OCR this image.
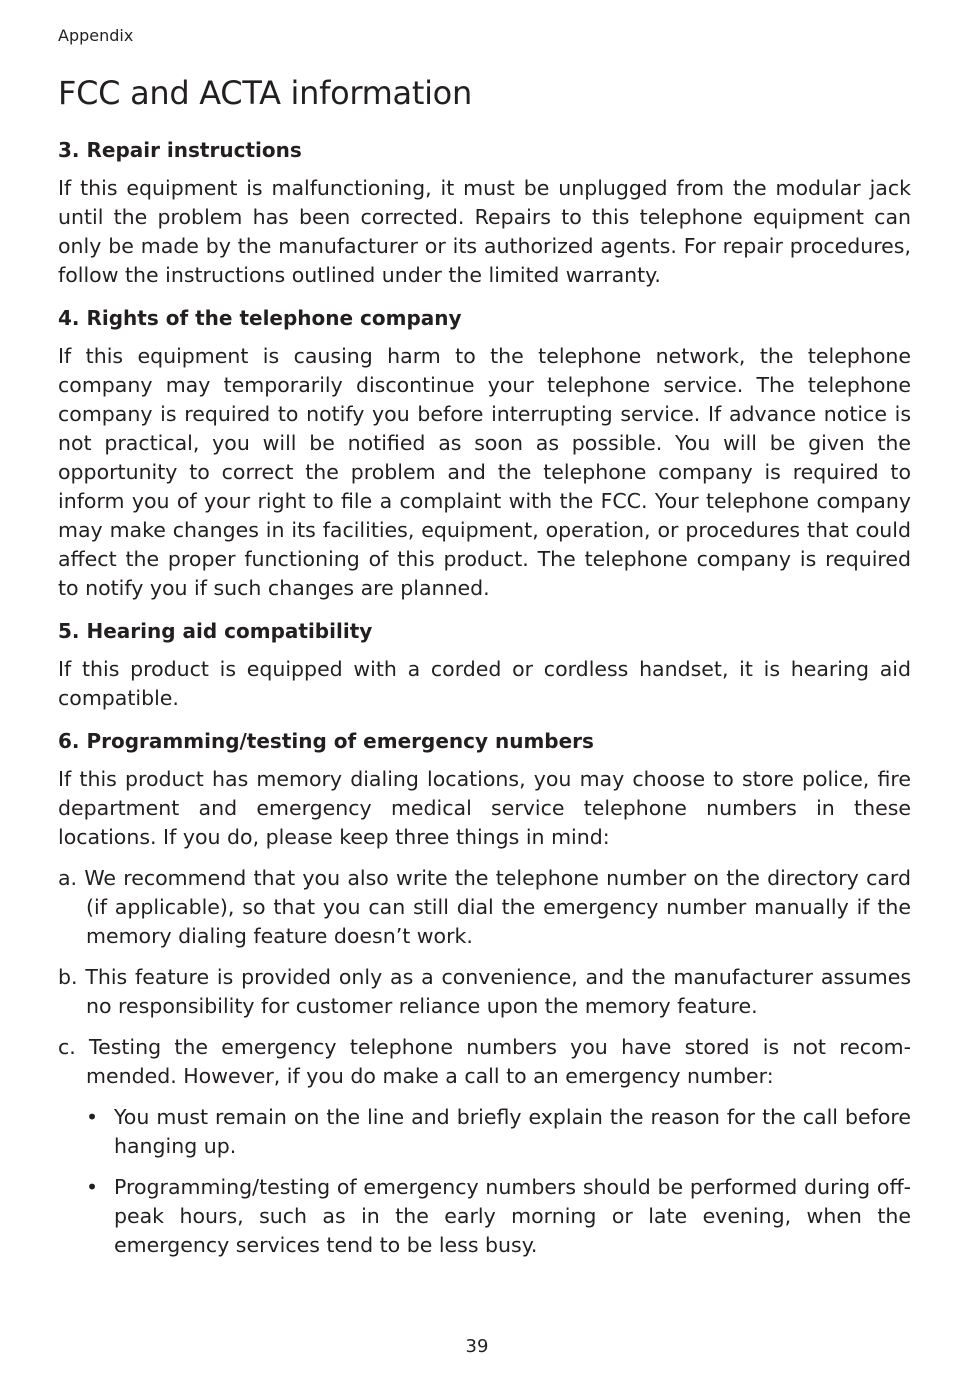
Appendix
FCC and ACTA information
3. Repair instructions

If this equipment is malfunctioning, it must be unplugged from the modular jack until the problem has been corrected. Repairs to this telephone equipment can only be made by the manufacturer or its authorized agents. For repair procedures, follow the instructions outlined under the limited warranty.

4. Rights of the telephone company

If this equipment is causing harm to the telephone network, the telephone company may temporarily discontinue your telephone service. The telephone company is required to notify you before interrupting service. If advance notice is not practical, you will be notified as soon as possible. You will be given the opportunity to correct the problem and the telephone company is required to inform you of your right to file a complaint with the FCC. Your telephone company may make changes in its facilities, equipment, operation, or procedures that could affect the proper functioning of this product. The telephone company is required to notify you if such changes are planned.

5. Hearing aid compatibility

If this product is equipped with a corded or cordless handset, it is hearing aid compatible.

6. Programming/testing of emergency numbers

If this product has memory dialing locations, you may choose to store police, fire department and emergency medical service telephone numbers in these locations. If you do, please keep three things in mind:

a. We recommend that you also write the telephone number on the directory card (if applicable), so that you can still dial the emergency number manually if the memory dialing feature doesn’t work.

b. This feature is provided only as a convenience, and the manufacturer assumes no responsibility for customer reliance upon the memory feature.

c. Testing the emergency telephone numbers you have stored is not recommended. However, if you do make a call to an emergency number:

• You must remain on the line and briefly explain the reason for the call before hanging up.

• Programming/testing of emergency numbers should be performed during off-peak hours, such as in the early morning or late evening, when the emergency services tend to be less busy.

39
